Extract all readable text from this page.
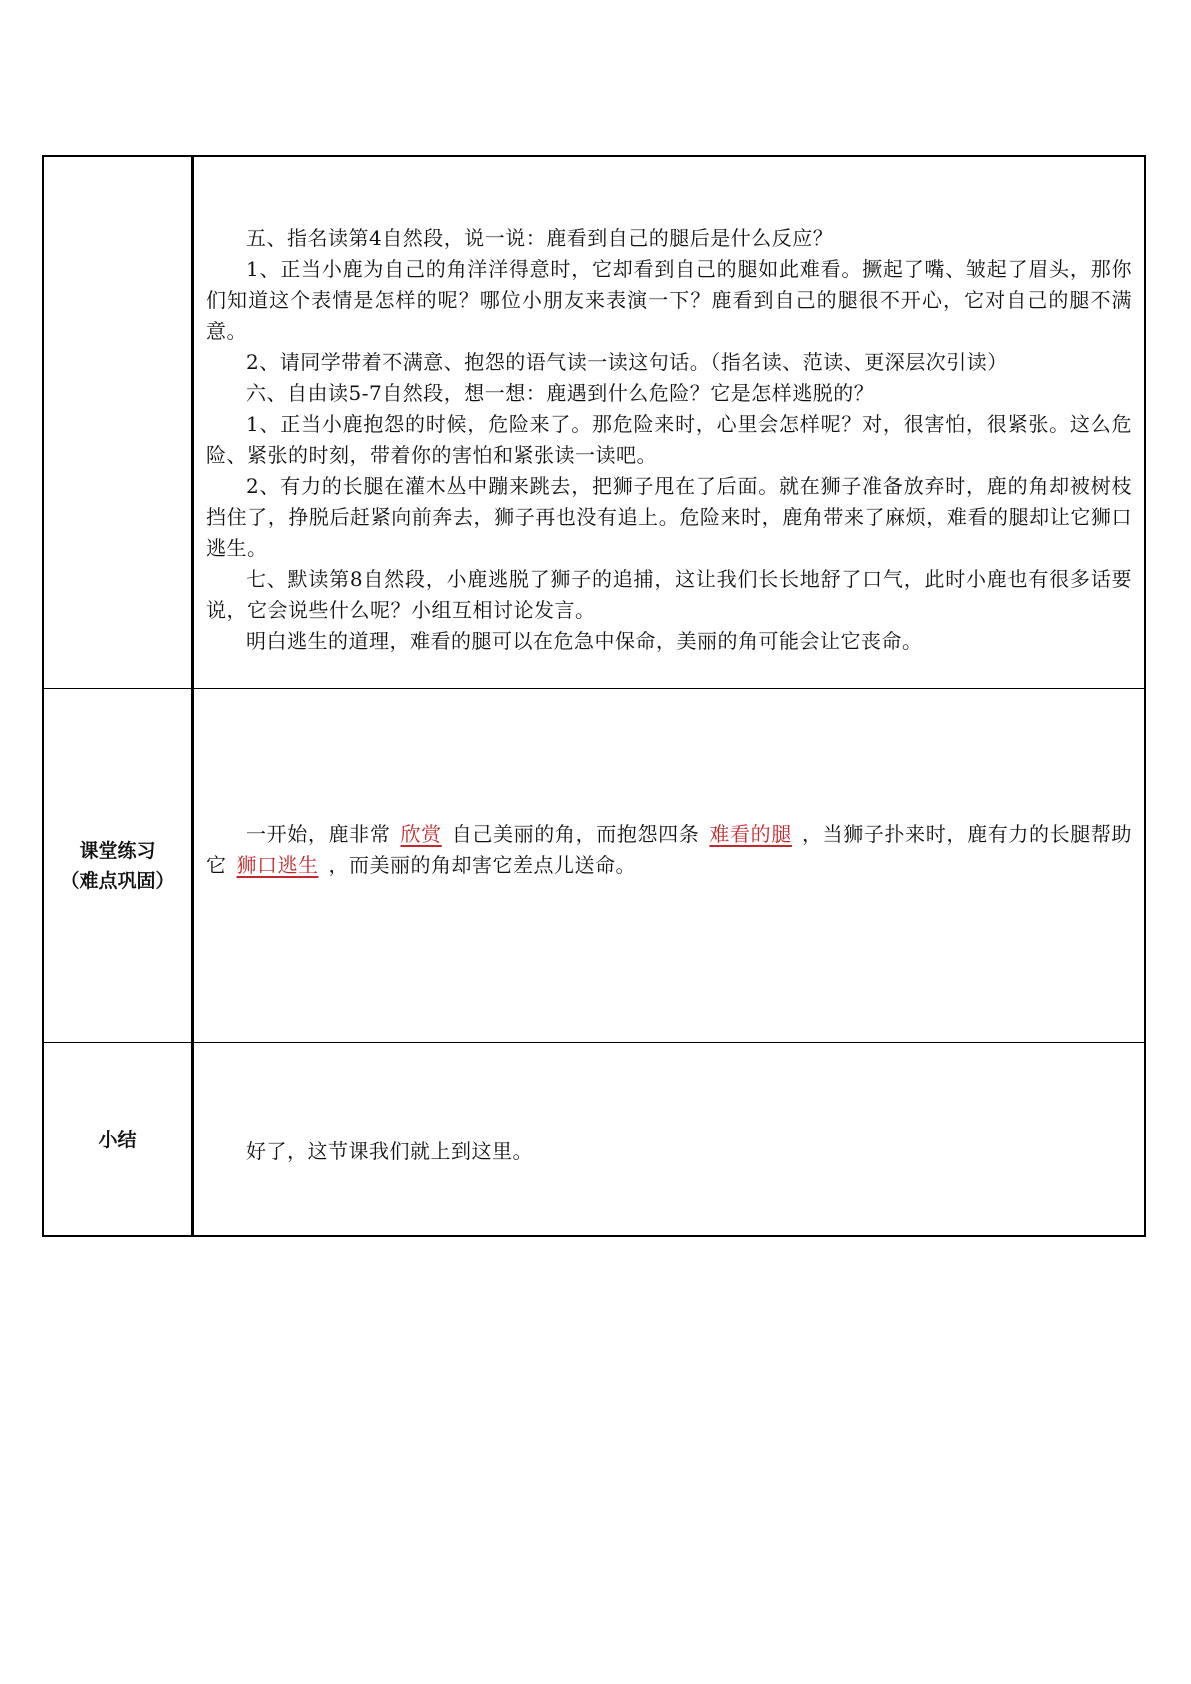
五、指名读第4自然段，说一说：鹿看到自己的腿后是什么反应？

1、正当小鹿为自己的角洋洋得意时，它却看到自己的腿如此难看。撅起了嘴、皱起了眉头，那你们知道这个表情是怎样的呢？哪位小朋友来表演一下？鹿看到自己的腿很不开心，它对自己的腿不满意。

2、请同学带着不满意、抱怨的语气读一读这句话。（指名读、范读、更深层次引读）

六、自由读5-7自然段，想一想：鹿遇到什么危险？它是怎样逃脱的？

1、正当小鹿抱怨的时候，危险来了。那危险来时，心里会怎样呢？对，很害怕，很紧张。这么危险、紧张的时刻，带着你的害怕和紧张读一读吧。

2、有力的长腿在灌木丛中蹦来跳去，把狮子甩在了后面。就在狮子准备放弃时，鹿的角却被树枝挡住了，挣脱后赶紧向前奔去，狮子再也没有追上。危险来时，鹿角带来了麻烦，难看的腿却让它狮口逃生。

七、默读第8自然段，小鹿逃脱了狮子的追捕，这让我们长长地舒了口气，此时小鹿也有很多话要说，它会说些什么呢？小组互相讨论发言。

明白逃生的道理，难看的腿可以在危急中保命，美丽的角可能会让它丧命。

课堂练习
（难点巩固）

一开始，鹿非常 欣赏 自己美丽的角，而抱怨四条 难看的腿 ，当狮子扑来时，鹿有力的长腿帮助它 狮口逃生 ，而美丽的角却害它差点儿送命。

小结	好了，这节课我们就上到这里。
